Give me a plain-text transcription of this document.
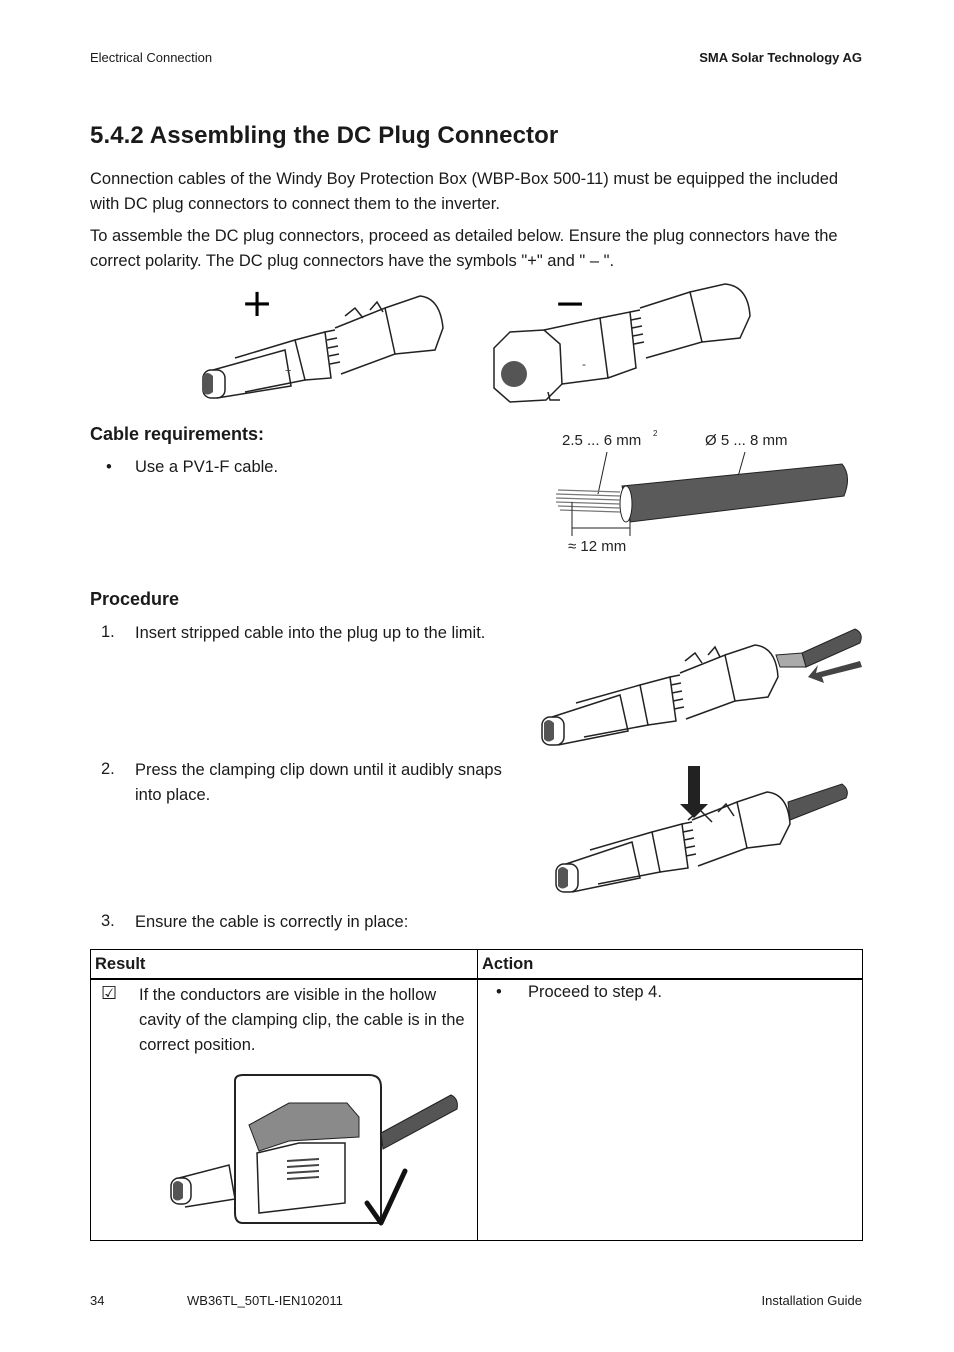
Electrical Connection	SMA Solar Technology AG
5.4.2 Assembling the DC Plug Connector

Connection cables of the Windy Boy Protection Box (WBP-Box 500-11) must be equipped the included with DC plug connectors to connect them to the inverter.

To assemble the DC plug connectors, proceed as detailed below. Ensure the plug connectors have the correct polarity. The DC plug connectors have the symbols "+" and " – ".

+
+
−
-
Cable requirements:
• Use a PV1-F cable.
2.5 ... 6 mm 2	Ø 5 ... 8 mm
≈ 12 mm
Procedure
1. Insert stripped cable into the plug up to the limit.
2. Press the clamping clip down until it audibly snaps into place.
3. Ensure the cable is correctly in place:
Result	Action

☑ If the conductors are visible in the hollow cavity of the clamping clip, the cable is in the correct position.	• Proceed to step 4.
34	WB36TL_50TL-IEN102011	Installation Guide
